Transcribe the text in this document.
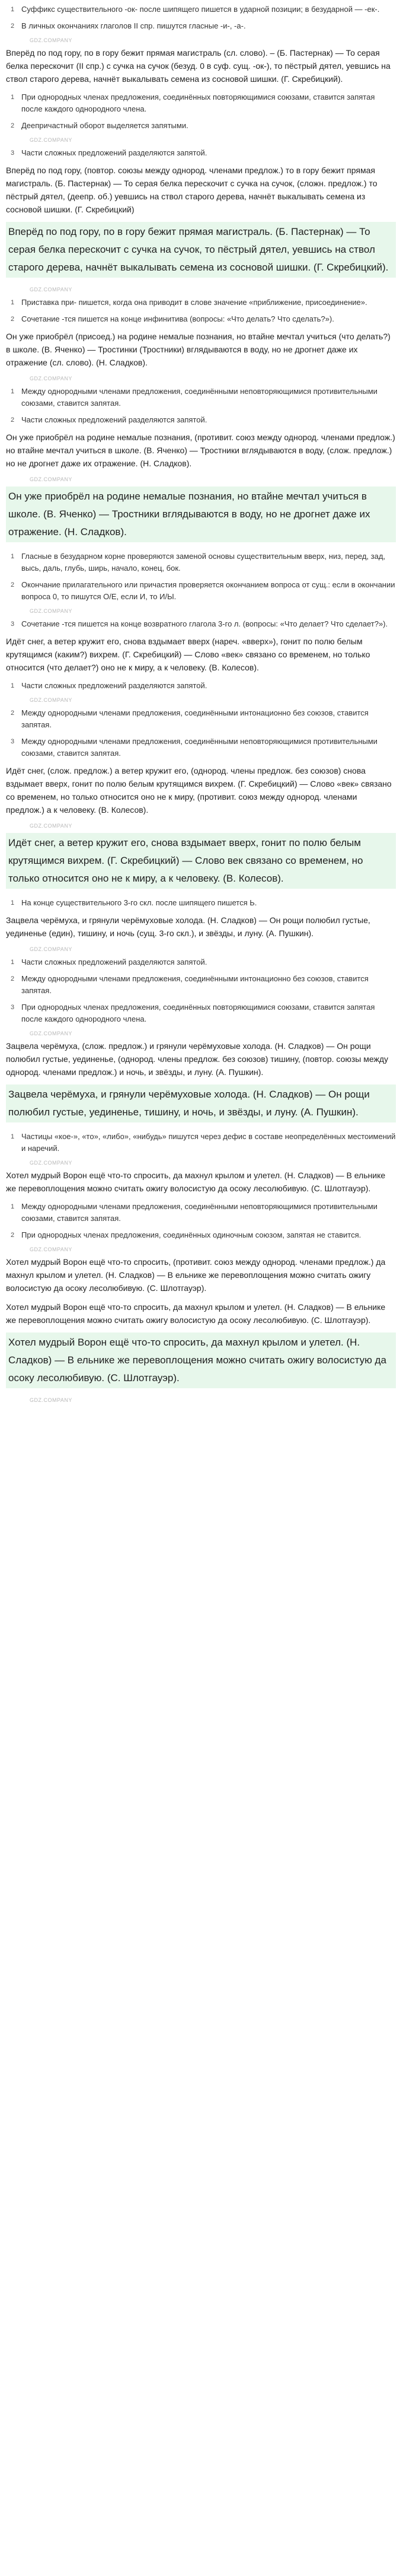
1 Суффикс существительного -ок- после шипящего пишется в ударной позиции; в безударной — -ек-.
2 В личных окончаниях глаголов II спр. пишутся гласные -и-, -а-.
GDZ.COMPANY
Вперёд по под гору, по в гору бежит прямая магистраль (сл. слово). – (Б. Пастернак) — То серая белка перескочит (II спр.) с сучка на сучок (безуд. 0 в суф. сущ. -ок-), то пёстрый дятел, уевшись на ствол старого дерева, начнёт выкалывать семена из сосновой шишки. (Г. Скребицкий).
1 При однородных членах предложения, соединённых повторяющимися союзами, ставится запятая после каждого однородного члена.
2 Деепричастный оборот выделяется запятыми.
GDZ.COMPANY
3 Части сложных предложений разделяются запятой.
Вперёд по под гору, (повтор. союзы между однород. членами предлож.) то в гору бежит прямая магистраль. (Б. Пастернак) — То серая белка перескочит с сучка на сучок, (сложн. предлож.) то пёстрый дятел, (деепр. об.) уевшись на ствол старого дерева, начнёт выкалывать семена из сосновой шишки. (Г. Скребицкий)
Вперёд по под гору, по в гору бежит прямая магистраль. (Б. Пастернак) — То серая белка перескочит с сучка на сучок, то пёстрый дятел, уевшись на ствол старого дерева, начнёт выкалывать семена из сосновой шишки. (Г. Скребицкий).
GDZ.COMPANY
1 Приставка при- пишется, когда она приводит в слове значение «приближение, присоединение».
2 Сочетание -тся пишется на конце инфинитива (вопросы: «Что делать? Что сделать?»).
Он уже приобрёл (присоед.) на родине немалые познания, но втайне мечтал учиться (что делать?) в школе. (В. Яченко) — Тростинки (Тростники) вглядываются в воду, но не дрогнет даже их отражение (сл. слово). (Н. Сладков).
GDZ.COMPANY
1 Между однородными членами предложения, соединёнными неповторяющимися противительными союзами, ставится запятая.
2 Части сложных предложений разделяются запятой.
Он уже приобрёл на родине немалые познания, (противит. союз между однород. членами предлож.) но втайне мечтал учиться в школе. (В. Яченко) — Тростники вглядываются в воду, (слож. предлож.) но не дрогнет даже их отражение. (Н. Сладков).
GDZ.COMPANY
Он уже приобрёл на родине немалые познания, но втайне мечтал учиться в школе. (В. Яченко) — Тростники вглядываются в воду, но не дрогнет даже их отражение. (Н. Сладков).
1 Гласные в безударном корне проверяются заменой основы существительным вверх, низ, перед, зад, высь, даль, глубь, ширь, начало, конец, бок.
2 Окончание прилагательного или причастия проверяется окончанием вопроса от сущ.: если в окончании вопроса 0, то пишутся О/Е, если И, то И/Ы.
GDZ.COMPANY
3 Сочетание -тся пишется на конце возвратного глагола 3-го л. (вопросы: «Что делает? Что сделает?»).
Идёт снег, а ветер кружит его, снова вздымает вверх (нареч. «вверх»), гонит по полю белым крутящимся (каким?) вихрем. (Г. Скребицкий) — Слово «век» связано со временем, но только относится (что делает?) оно не к миру, а к человеку. (В. Колесов).
1 Части сложных предложений разделяются запятой.
GDZ.COMPANY
2 Между однородными членами предложения, соединёнными интонационно без союзов, ставится запятая.
3 Между однородными членами предложения, соединёнными неповторяющимися противительными союзами, ставится запятая.
Идёт снег, (слож. предлож.) а ветер кружит его, (однород. члены предлож. без союзов) снова вздымает вверх, гонит по полю белым крутящимся вихрем. (Г. Скребицкий) — Слово «век» связано со временем, но только относится оно не к миру, (противит. союз между однород. членами предлож.) а к человеку. (В. Колесов).
GDZ.COMPANY
Идёт снег, а ветер кружит его, снова вздымает вверх, гонит по полю белым крутящимся вихрем. (Г. Скребицкий) — Слово век связано со временем, но только относится оно не к миру, а к человеку. (В. Колесов).
1 На конце существительного 3-го скл. после шипящего пишется Ь.
Зацвела черёмуха, и грянули черёмуховые холода. (Н. Сладков) — Он рощи полюбил густые, уединенье (един), тишину, и ночь (сущ. 3-го скл.), и звёзды, и луну. (А. Пушкин).
GDZ.COMPANY
1 Части сложных предложений разделяются запятой.
2 Между однородными членами предложения, соединёнными интонационно без союзов, ставится запятая.
3 При однородных членах предложения, соединённых повторяющимися союзами, ставится запятая после каждого однородного члена.
GDZ.COMPANY
Зацвела черёмуха, (слож. предлож.) и грянули черёмуховые холода. (Н. Сладков) — Он рощи полюбил густые, уединенье, (однород. члены предлож. без союзов) тишину, (повтор. союзы между однород. членами предлож.) и ночь, и звёзды, и луну. (А. Пушкин).
Зацвела черёмуха, и грянули черёмуховые холода. (Н. Сладков) — Он рощи полюбил густые, уединенье, тишину, и ночь, и звёзды, и луну. (А. Пушкин).
1 Частицы «кое-», «то», «либо», «нибудь» пишутся через дефис в составе неопределённых местоимений и наречий.
GDZ.COMPANY
Хотел мудрый Ворон ещё что-то спросить, да махнул крылом и улетел. (Н. Сладков) — В ельнике же перевоплощения можно считать ожигу волосистую да осоку лесолюбивую. (С. Шлотгауэр).
1 Между однородными членами предложения, соединёнными неповторяющимися противительными союзами, ставится запятая.
2 При однородных членах предложения, соединённых одиночным союзом, запятая не ставится.
GDZ.COMPANY
Хотел мудрый Ворон ещё что-то спросить, (противит. союз между однород. членами предлож.) да махнул крылом и улетел. (Н. Сладков) — В ельнике же перевоплощения можно считать ожигу волосистую да осоку лесолюбивую. (С. Шлотгауэр).
Хотел мудрый Ворон ещё что-то спросить, да махнул крылом и улетел. (Н. Сладков) — В ельнике же перевоплощения можно считать ожигу волосистую да осоку лесолюбивую. (С. Шлотгауэр).
Хотел мудрый Ворон ещё что-то спросить, да махнул крылом и улетел. (Н. Сладков) — В ельнике же перевоплощения можно считать ожигу волосистую да осоку лесолюбивую. (С. Шлотгауэр).
GDZ.COMPANY
